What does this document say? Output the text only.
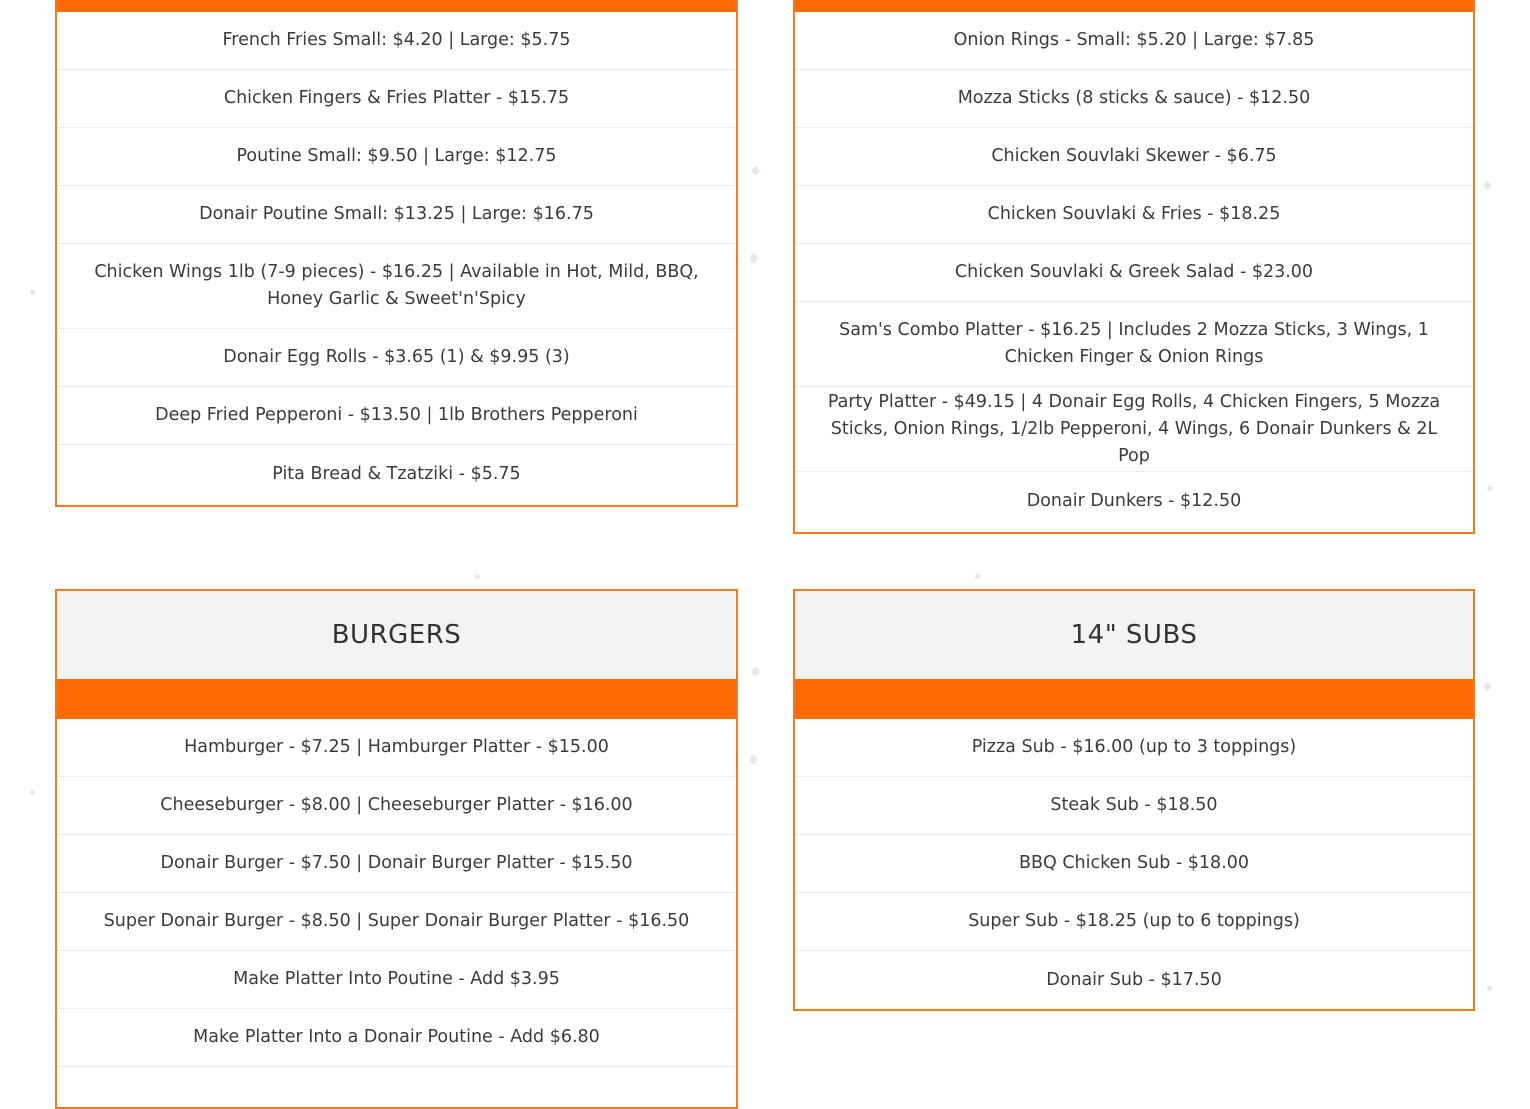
French Fries Small: $4.20 | Large: $5.75
Chicken Fingers & Fries Platter - $15.75
Poutine Small: $9.50 | Large: $12.75
Donair Poutine Small: $13.25 | Large: $16.75
Chicken Wings 1lb (7-9 pieces) - $16.25 | Available in Hot, Mild, BBQ, Honey Garlic & Sweet'n'Spicy
Donair Egg Rolls - $3.65 (1) & $9.95 (3)
Deep Fried Pepperoni - $13.50 | 1lb Brothers Pepperoni
Pita Bread & Tzatziki - $5.75
Onion Rings - Small: $5.20 | Large: $7.85
Mozza Sticks (8 sticks & sauce) - $12.50
Chicken Souvlaki Skewer - $6.75
Chicken Souvlaki & Fries - $18.25
Chicken Souvlaki & Greek Salad - $23.00
Sam's Combo Platter - $16.25 | Includes 2 Mozza Sticks, 3 Wings, 1 Chicken Finger & Onion Rings
Party Platter - $49.15 | 4 Donair Egg Rolls, 4 Chicken Fingers, 5 Mozza Sticks, Onion Rings, 1/2lb Pepperoni, 4 Wings, 6 Donair Dunkers & 2L Pop
Donair Dunkers - $12.50
BURGERS
Hamburger - $7.25 | Hamburger Platter - $15.00
Cheeseburger - $8.00 | Cheeseburger Platter - $16.00
Donair Burger - $7.50 | Donair Burger Platter - $15.50
Super Donair Burger - $8.50 | Super Donair Burger Platter - $16.50
Make Platter Into Poutine - Add $3.95
Make Platter Into a Donair Poutine - Add $6.80
14" SUBS
Pizza Sub - $16.00 (up to 3 toppings)
Steak Sub - $18.50
BBQ Chicken Sub - $18.00
Super Sub - $18.25 (up to 6 toppings)
Donair Sub - $17.50
